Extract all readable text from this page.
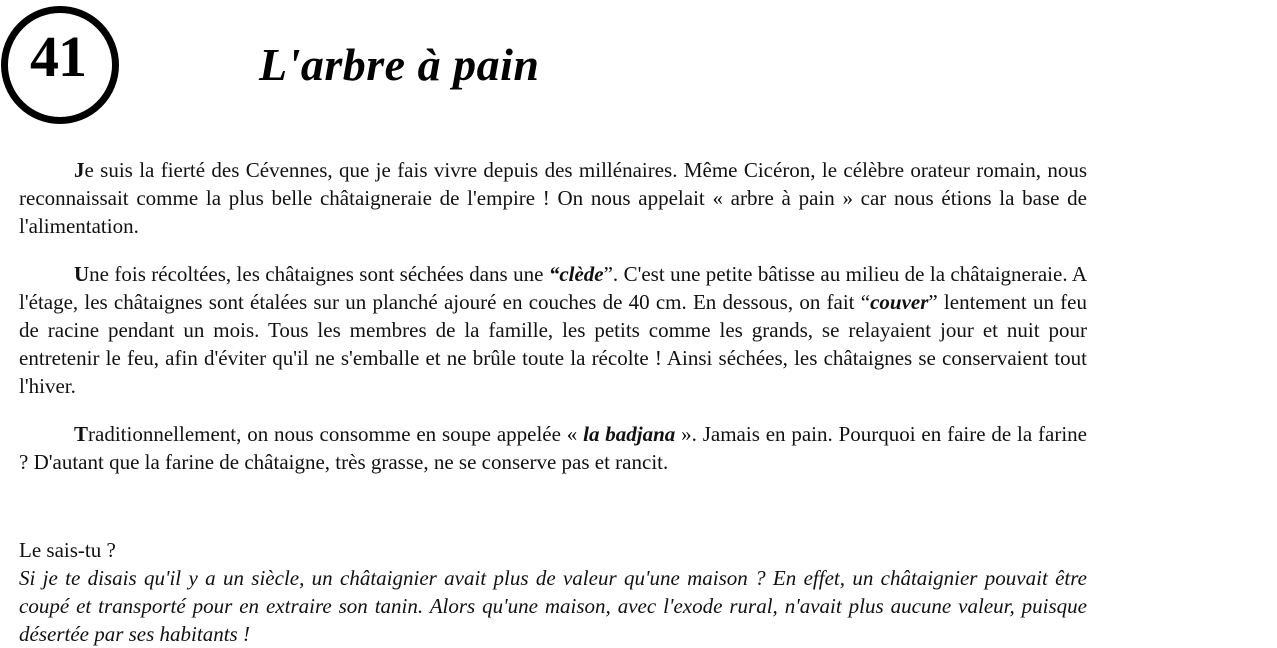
41	L'arbre à pain

Je suis la fierté des Cévennes, que je fais vivre depuis des millénaires. Même Cicéron, le célèbre orateur romain, nous reconnaissait comme la plus belle châtaigneraie de l'empire ! On nous appelait « arbre à pain » car nous étions la base de l'alimentation.

Une fois récoltées, les châtaignes sont séchées dans une “clède”. C'est une petite bâtisse au milieu de la châtaigneraie. A l'étage, les châtaignes sont étalées sur un planché ajouré en couches de 40 cm. En dessous, on fait “couver” lentement un feu de racine pendant un mois. Tous les membres de la famille, les petits comme les grands, se relayaient jour et nuit pour entretenir le feu, afin d'éviter qu'il ne s'emballe et ne brûle toute la récolte ! Ainsi séchées, les châtaignes se conservaient tout l'hiver.

Traditionnellement, on nous consomme en soupe appelée « la badjana ». Jamais en pain. Pourquoi en faire de la farine ? D'autant que la farine de châtaigne, très grasse, ne se conserve pas et rancit.

Le sais-tu ?

Si je te disais qu'il y a un siècle, un châtaignier avait plus de valeur qu'une maison ? En effet, un châtaignier pouvait être coupé et transporté pour en extraire son tanin. Alors qu'une maison, avec l'exode rural, n'avait plus aucune valeur, puisque désertée par ses habitants !
